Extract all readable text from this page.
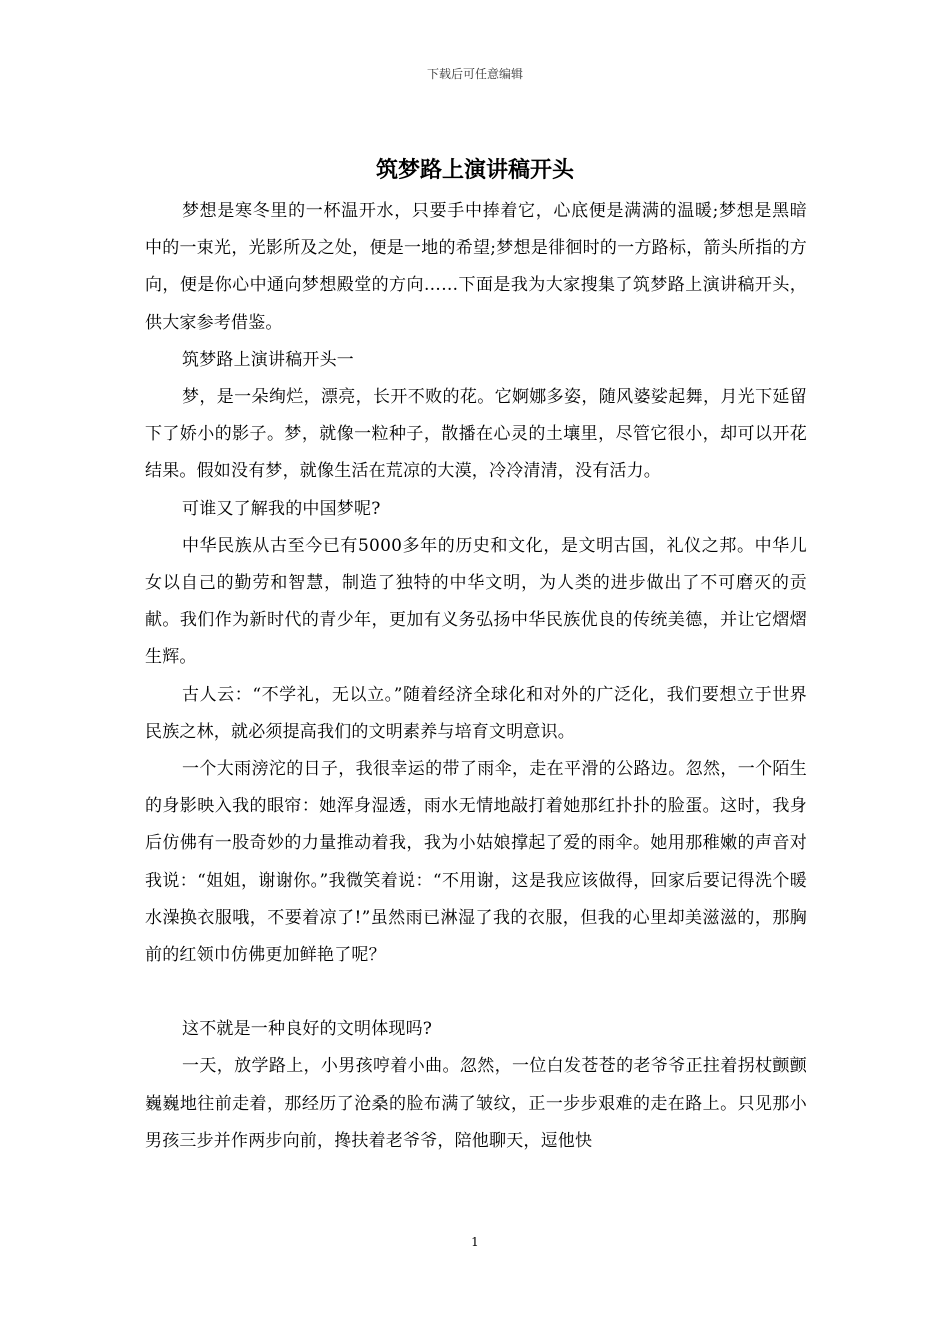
下载后可任意编辑
筑梦路上演讲稿开头

梦想是寒冬里的一杯温开水，只要手中捧着它，心底便是满满的温暖;梦想是黑暗中的一束光，光影所及之处，便是一地的希望;梦想是徘徊时的一方路标，箭头所指的方向，便是你心中通向梦想殿堂的方向……下面是我为大家搜集了筑梦路上演讲稿开头，供大家参考借鉴。

筑梦路上演讲稿开头一

梦，是一朵绚烂，漂亮，长开不败的花。它婀娜多姿，随风婆娑起舞，月光下延留下了娇小的影子。梦，就像一粒种子，散播在心灵的土壤里，尽管它很小，却可以开花结果。假如没有梦，就像生活在荒凉的大漠，冷冷清清，没有活力。

可谁又了解我的中国梦呢?

中华民族从古至今已有5000多年的历史和文化，是文明古国，礼仪之邦。中华儿女以自己的勤劳和智慧，制造了独特的中华文明，为人类的进步做出了不可磨灭的贡献。我们作为新时代的青少年，更加有义务弘扬中华民族优良的传统美德，并让它熠熠生辉。

古人云：“不学礼，无以立。”随着经济全球化和对外的广泛化，我们要想立于世界民族之林，就必须提高我们的文明素养与培育文明意识。

一个大雨滂沱的日子，我很幸运的带了雨伞，走在平滑的公路边。忽然，一个陌生的身影映入我的眼帘：她浑身湿透，雨水无情地敲打着她那红扑扑的脸蛋。这时，我身后仿佛有一股奇妙的力量推动着我，我为小姑娘撑起了爱的雨伞。她用那稚嫩的声音对我说：“姐姐，谢谢你。”我微笑着说：“不用谢，这是我应该做得，回家后要记得洗个暖水澡换衣服哦，不要着凉了!”虽然雨已淋湿了我的衣服，但我的心里却美滋滋的，那胸前的红领巾仿佛更加鲜艳了呢？

这不就是一种良好的文明体现吗?

一天，放学路上，小男孩哼着小曲。忽然，一位白发苍苍的老爷爷正拄着拐杖颤颤巍巍地往前走着，那经历了沧桑的脸布满了皱纹，正一步步艰难的走在路上。只见那小男孩三步并作两步向前，搀扶着老爷爷，陪他聊天，逗他快

1
